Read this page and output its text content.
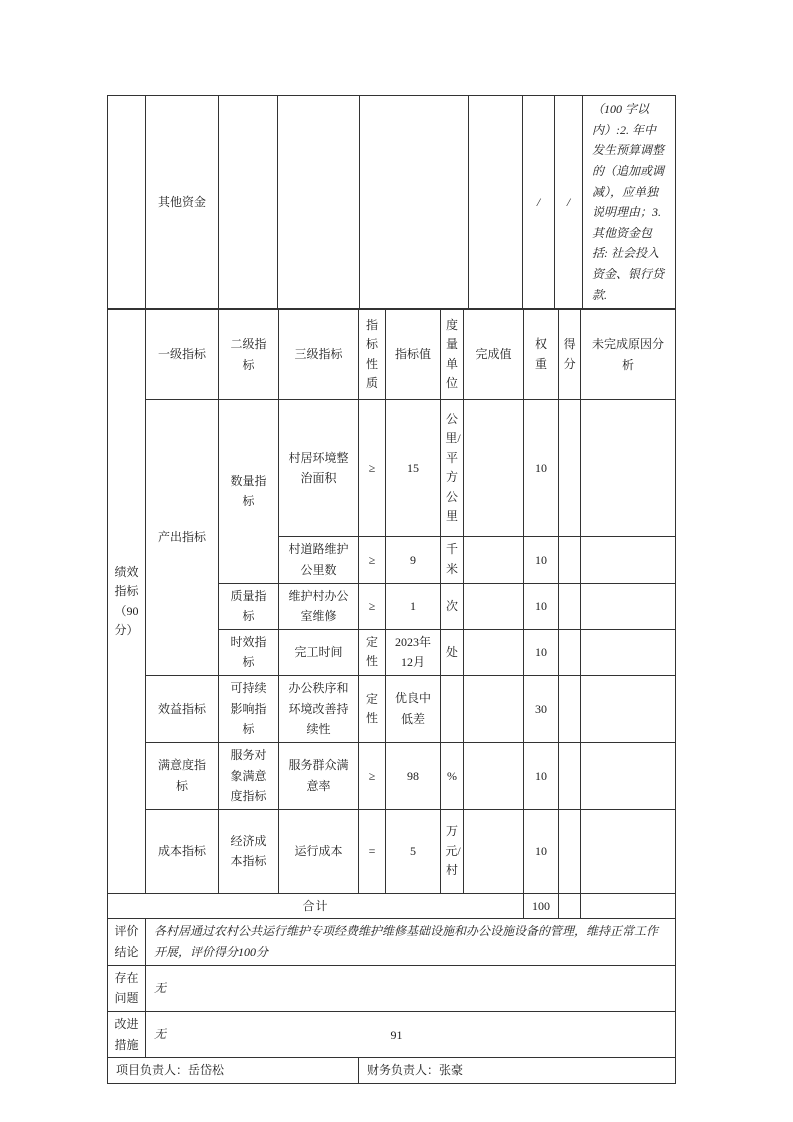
	其他资金					/	/	（100 字以内）:2. 年中发生预算调整的（追加或调减），应单独说明理由；3. 其他资金包括: 社会投入资金、银行贷款.
绩效指标（90分）	一级指标	二级指标	三级指标	指标性质	指标值	度量单位	完成值	权重	得分	未完成原因分析
	产出指标	数量指标	村居环境整治面积	≥	15	公里/平方公里		10		
			村道路维护公里数	≥	9	千米		10		
		质量指标	维护村办公室维修	≥	1	次		10		
		时效指标	完工时间	定性	2023年12月	处		10		
	效益指标	可持续影响指标	办公秩序和环境改善持续性	定性	优良中低差			30		
	满意度指标	服务对象满意度指标	服务群众满意率	≥	98	%		10		
	成本指标	经济成本指标	运行成本	=	5	万元/村		10		
合计								100		
评价结论	各村居通过农村公共运行维护专项经费维护维修基础设施和办公设施设备的管理，维持正常工作开展，评价得分100分									
存在问题	无									
改进措施	无									
项目负责人：岳岱松				财务负责人：张豪						
91
